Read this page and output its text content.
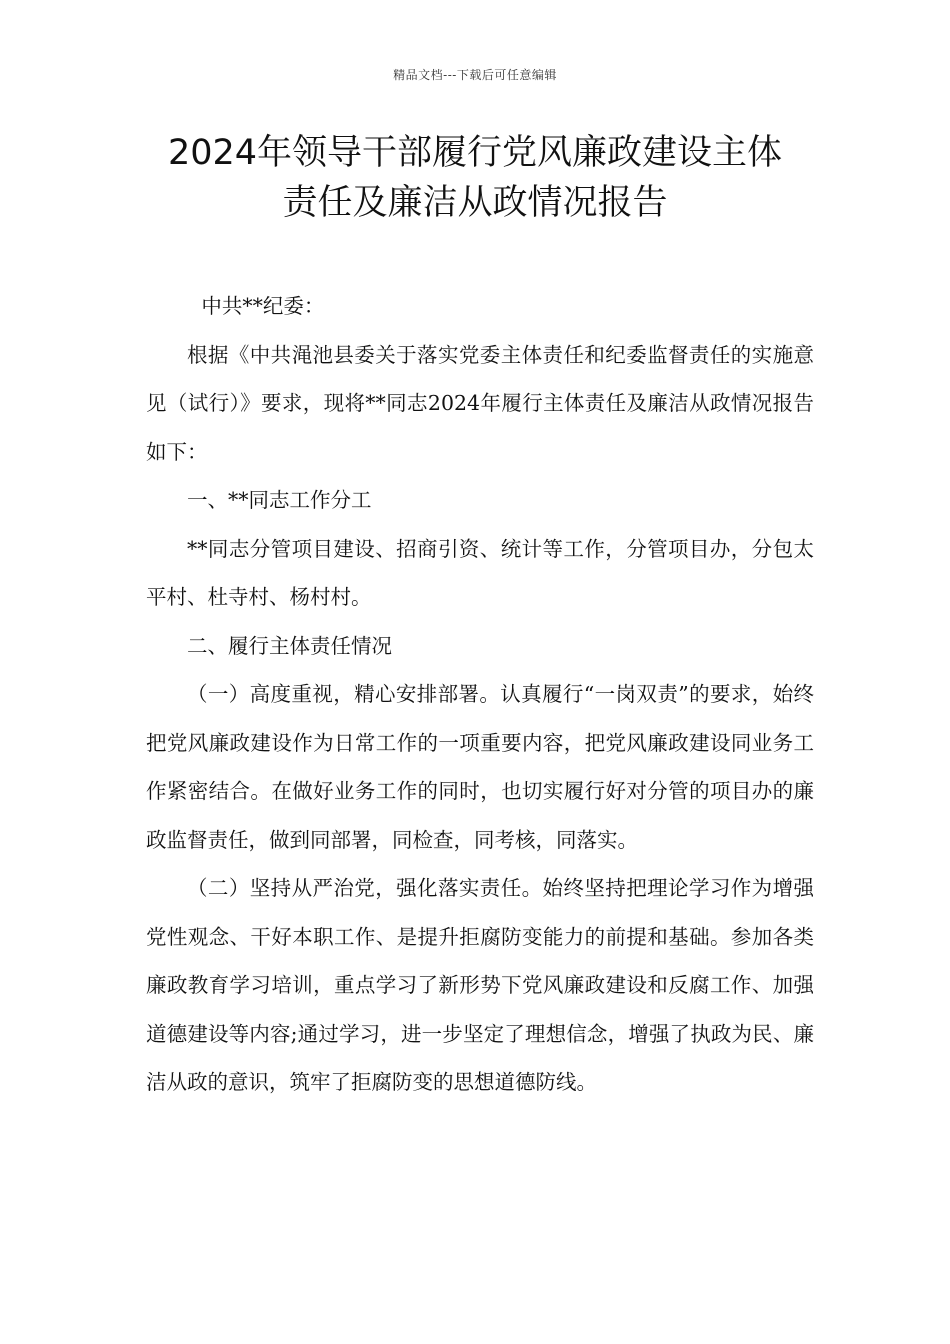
精品文档---下载后可任意编辑
2024年领导干部履行党风廉政建设主体
责任及廉洁从政情况报告

中共**纪委：

根据《中共渑池县委关于落实党委主体责任和纪委监督责任的实施意见（试行）》要求，现将**同志2024年履行主体责任及廉洁从政情况报告如下：

一、**同志工作分工

**同志分管项目建设、招商引资、统计等工作，分管项目办，分包太平村、杜寺村、杨村村。

二、履行主体责任情况

（一）高度重视，精心安排部署。认真履行“一岗双责”的要求，始终把党风廉政建设作为日常工作的一项重要内容，把党风廉政建设同业务工作紧密结合。在做好业务工作的同时，也切实履行好对分管的项目办的廉政监督责任，做到同部署，同检查，同考核，同落实。

（二）坚持从严治党，强化落实责任。始终坚持把理论学习作为增强党性观念、干好本职工作、是提升拒腐防变能力的前提和基础。参加各类廉政教育学习培训，重点学习了新形势下党风廉政建设和反腐工作、加强道德建设等内容;通过学习，进一步坚定了理想信念，增强了执政为民、廉洁从政的意识，筑牢了拒腐防变的思想道德防线。
